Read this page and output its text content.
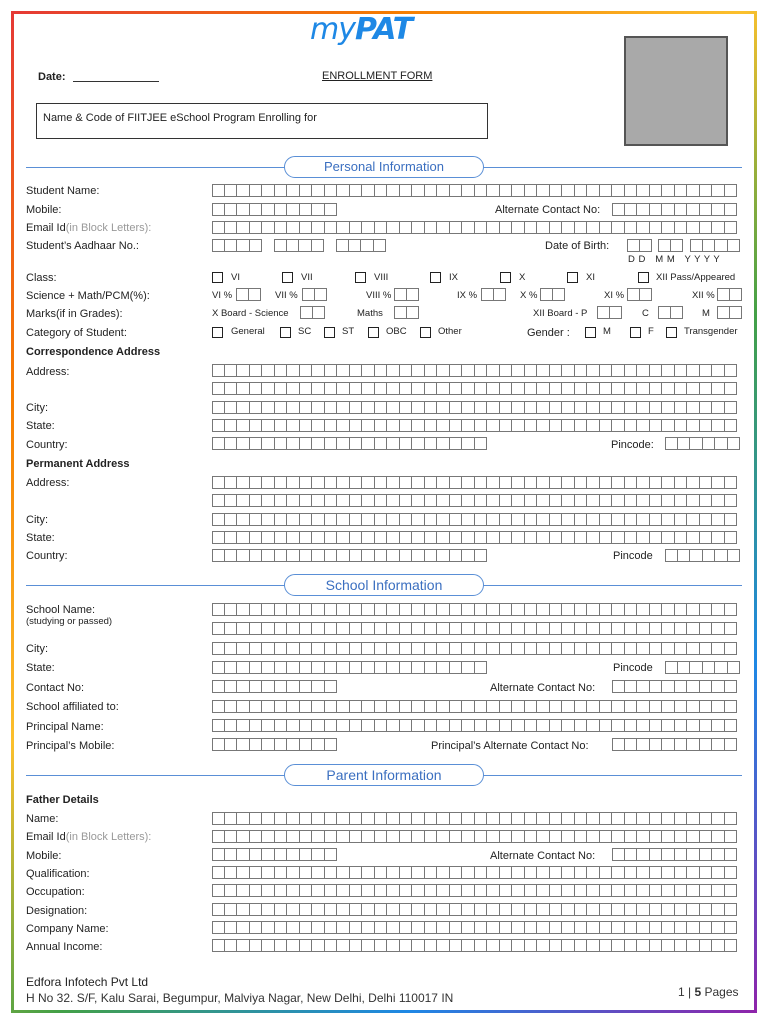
myPAT
Date:	ENROLLMENT FORM
Name & Code of FIITJEE eSchool Program Enrolling for
Personal Information
Student Name:
Mobile:	Alternate Contact No:
Email Id(in Block Letters):
Student’s Aadhaar No.:	Date of Birth:
D D   M M   Y Y Y Y
Class:	VI	VII	VIII	IX	X	XI	XII Pass/Appeared
Science + Math/PCM(%):	VI %	VII %	VIII %	IX %	X %	XI %	XII %
Marks(if in Grades):	X Board - Science	Maths	XII Board - P	C	M
Category of Student:	General	SC	ST	OBC	Other	Gender :	M	F	Transgender
Correspondence Address
Address:
City:
State:
Country:	Pincode:
Permanent Address
Address:
City:
State:
Country:	Pincode
School Information
School Name:
(studying or passed)
City:
State:	Pincode
Contact No:	Alternate Contact No:
School affiliated to:
Principal Name:
Principal’s Mobile:	Principal’s Alternate Contact No:
Parent Information
Father Details
Name:
Email Id(in Block Letters):
Mobile:	Alternate Contact No:
Qualification:
Occupation:
Designation:
Company Name:
Annual Income:
Edfora Infotech Pvt Ltd
H No 32. S/F, Kalu Sarai, Begumpur, Malviya Nagar, New Delhi, Delhi 110017 IN	1 | 5 Pages
